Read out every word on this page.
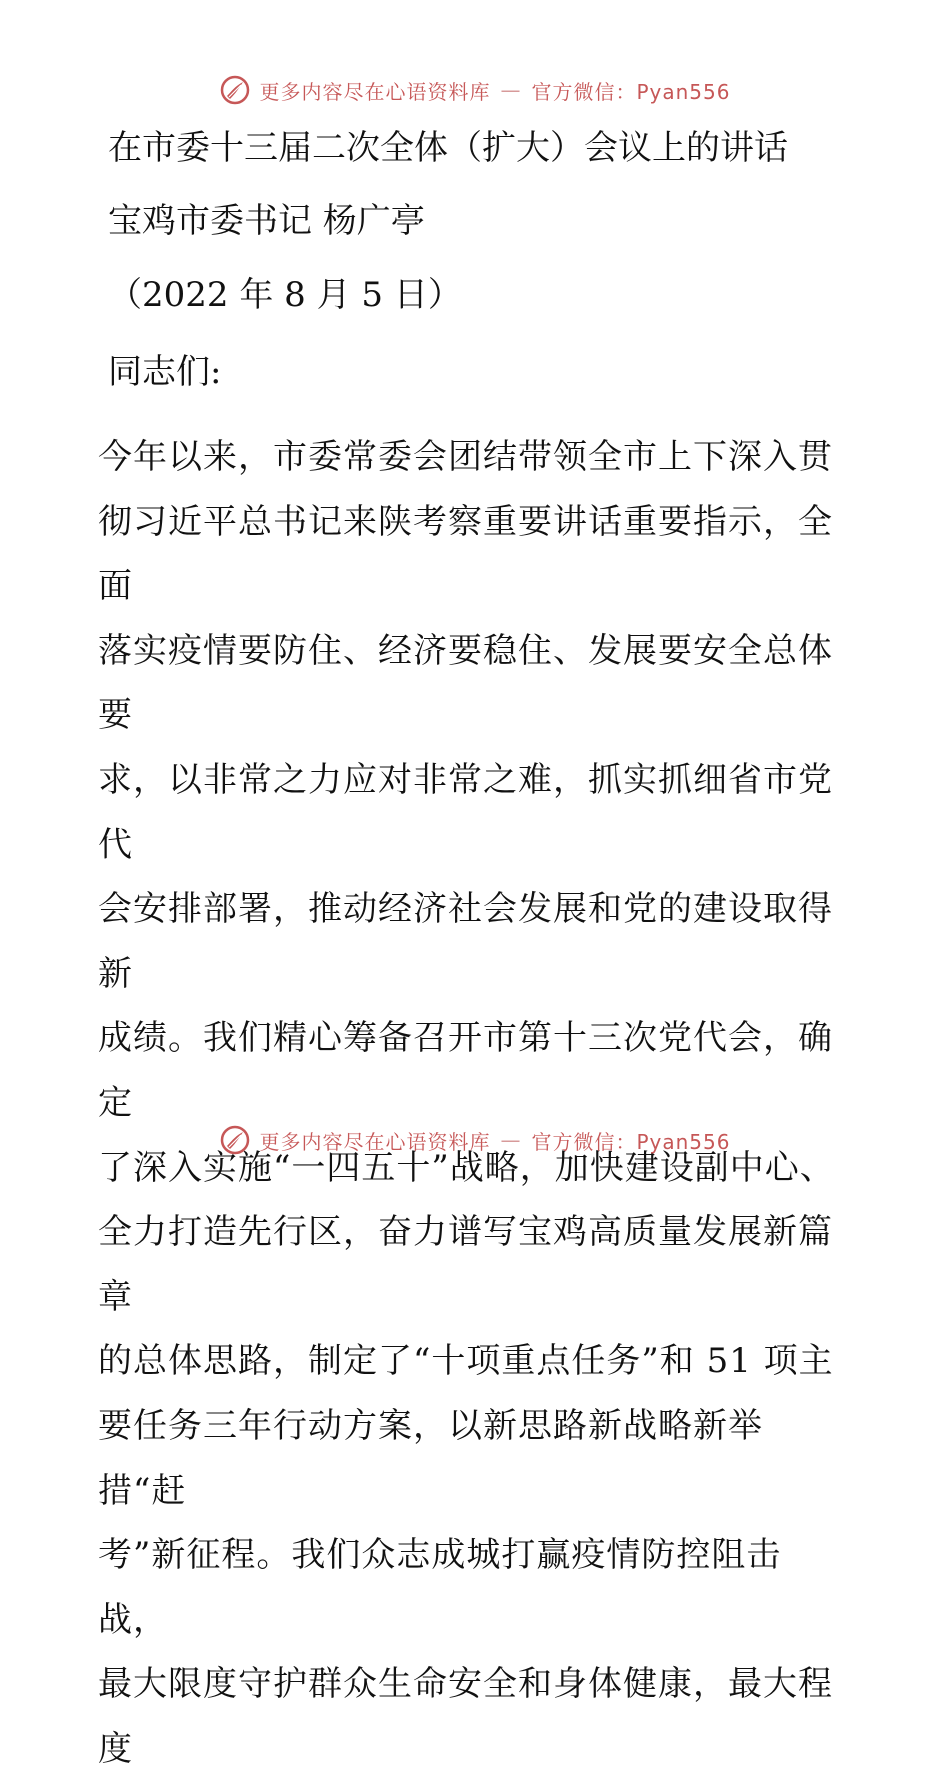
更多内容尽在心语资料库 — 官方微信：Pyan556
在市委十三届二次全体（扩大）会议上的讲话
宝鸡市委书记 杨广亭
（2022 年 8 月 5 日）
同志们:
今年以来，市委常委会团结带领全市上下深入贯
彻习近平总书记来陕考察重要讲话重要指示，全面
落实疫情要防住、经济要稳住、发展要安全总体要
求，以非常之力应对非常之难，抓实抓细省市党代
会安排部署，推动经济社会发展和党的建设取得新
成绩。我们精心筹备召开市第十三次党代会，确定
了深入实施“一四五十”战略，加快建设副中心、
全力打造先行区，奋力谱写宝鸡高质量发展新篇章
的总体思路，制定了“十项重点任务”和 51 项主
要任务三年行动方案，以新思路新战略新举措“赶
考”新征程。我们众志成城打赢疫情防控阻击战，
最大限度守护群众生命安全和身体健康，最大程度
更多内容尽在心语资料库 — 官方微信：Pyan556
